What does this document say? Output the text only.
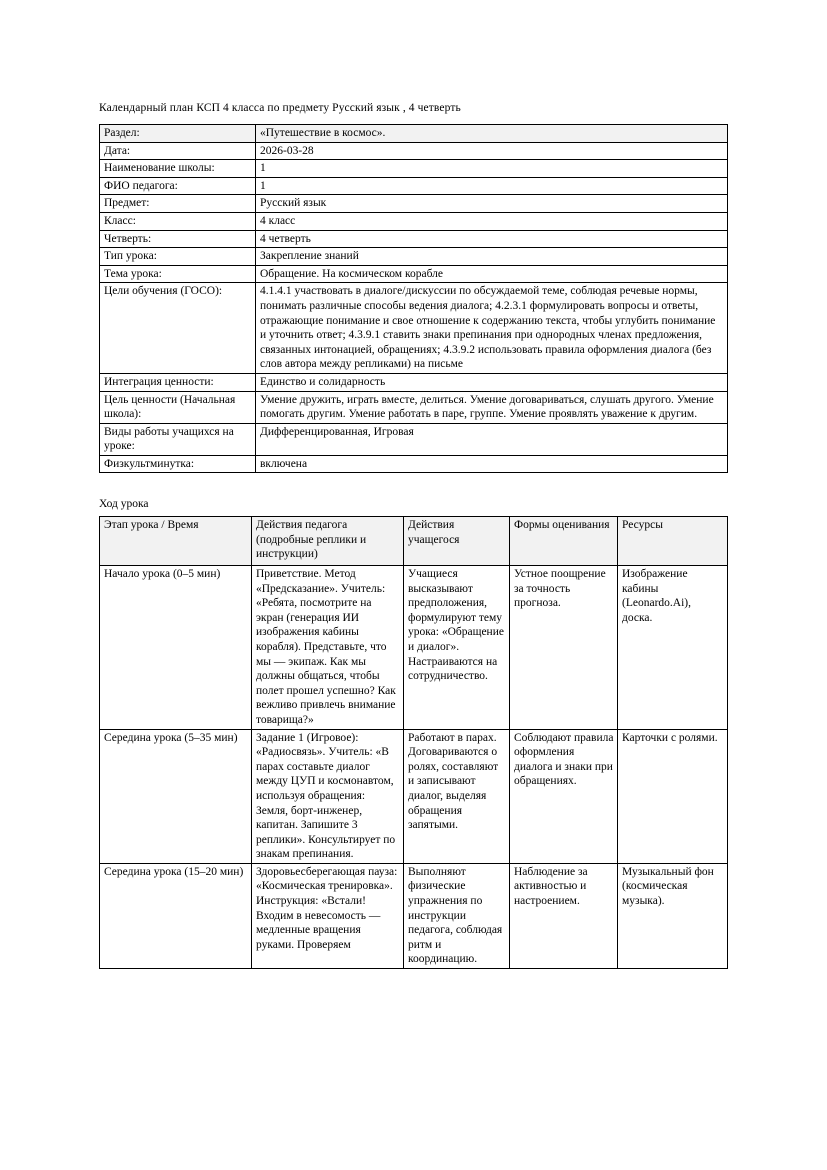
Календарный план КСП 4 класса по предмету Русский язык , 4 четверть
Раздел:	«Путешествие в космос».
Дата:	2026-03-28
Наименование школы:	1
ФИО педагога:	1
Предмет:	Русский язык
Класс:	4 класс
Четверть:	4 четверть
Тип урока:	Закрепление знаний
Тема урока:	Обращение. На космическом корабле
Цели обучения (ГОСО):	4.1.4.1 участвовать в диалоге/дискуссии по обсуждаемой теме, соблюдая речевые нормы, понимать различные способы ведения диалога; 4.2.3.1 формулировать вопросы и ответы, отражающие понимание и свое отношение к содержанию текста, чтобы углубить понимание и уточнить ответ; 4.3.9.1 ставить знаки препинания при однородных членах предложения, связанных интонацией, обращениях; 4.3.9.2 использовать правила оформления диалога (без слов автора между репликами) на письме
Интеграция ценности:	Единство и солидарность
Цель ценности (Начальная школа):	Умение дружить, играть вместе, делиться. Умение договариваться, слушать другого. Умение помогать другим. Умение работать в паре, группе. Умение проявлять уважение к другим.
Виды работы учащихся на уроке:	Дифференцированная, Игровая
Физкультминутка:	включена
Ход урока
Этап урока / Время	Действия педагога (подробные реплики и инструкции)	Действия учащегося	Формы оценивания	Ресурсы
Начало урока (0–5 мин)	Приветствие. Метод «Предсказание». Учитель: «Ребята, посмотрите на экран (генерация ИИ изображения кабины корабля). Представьте, что мы — экипаж. Как мы должны общаться, чтобы полет прошел успешно? Как вежливо привлечь внимание товарища?»	Учащиеся высказывают предположения, формулируют тему урока: «Обращение и диалог». Настраиваются на сотрудничество.	Устное поощрение за точность прогноза.	Изображение кабины (Leonardo.Ai), доска.
Середина урока (5–35 мин)	Задание 1 (Игровое): «Радиосвязь». Учитель: «В парах составьте диалог между ЦУП и космонавтом, используя обращения: Земля, борт-инженер, капитан. Запишите 3 реплики». Консультирует по знакам препинания.	Работают в парах. Договариваются о ролях, составляют и записывают диалог, выделяя обращения запятыми.	Соблюдают правила оформления диалога и знаки при обращениях.	Карточки с ролями.
Середина урока (15–20 мин)	Здоровьесберегающая пауза: «Космическая тренировка». Инструкция: «Встали! Входим в невесомость — медленные вращения руками. Проверяем	Выполняют физические упражнения по инструкции педагога, соблюдая ритм и координацию.	Наблюдение за активностью и настроением.	Музыкальный фон (космическая музыка).
